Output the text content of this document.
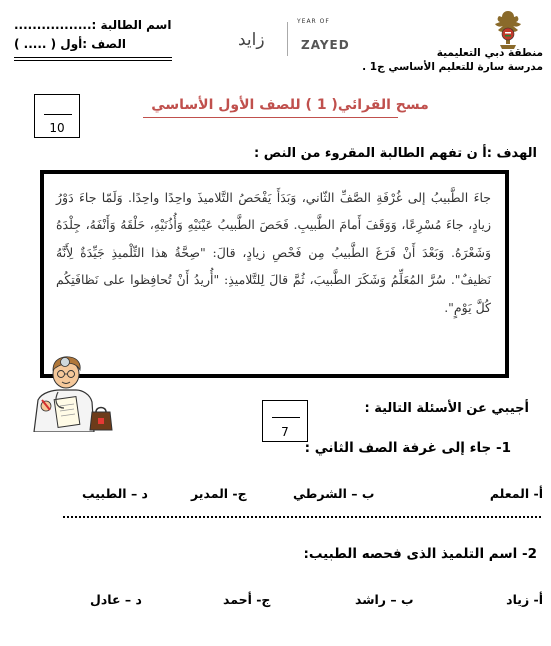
منطقة دبي التعليمية
مدرسة سارة للتعليم الأساسي ج1 .
زايد
YEAR OF
ZAYED
اسم الطالبة :.................
الصف :أول ( ..... )
10
مسح القرائي( 1 ) للصف الأول الأساسي
الهدف :أ ن تفهم الطالبة المقروء من النص :
جاءَ الطَّبيبُ إلى غُرْفَةِ الصَّفِّ الثّاني، وَبَدَأَ يَفْحَصُ التَّلاميذَ واحِدًا واحِدًا. وَلَمّا جاءَ دَوْرُ زيادٍ، جاءَ مُسْرِعًا، وَوَقَفَ أَمامَ الطَّبيبِ. فَحَصَ الطَّبيبُ عَيْنَيْهِ وَأُذُنَيْهِ، حَلْقَهُ وَأَنْفَهُ، جِلْدَهُ وَشَعْرَهُ. وَبَعْدَ أَنْ فَرَغَ الطَّبيبُ مِن فَحْصِ زيادٍ، قالَ: "صِحَّةُ هذا التِّلْميذِ جَيِّدَةٌ لِأَنَّهُ نَظيفٌ". سُرَّ المُعَلِّمُ وَشَكَرَ الطَّبيبَ، ثُمَّ قالَ لِلتَّلاميذِ: "أُريدُ أَنْ تُحافِظوا على نَظافَتِكُم كُلَّ يَوْمٍ".
7
أجيبي عن الأسئلة التالية :
1- جاء إلى غرفة الصف الثاني :
أ- المعلم
ب – الشرطي
ج- المدير
د – الطبيب
2- اسم التلميذ الذى فحصه الطبيب:
أ- زياد
ب – راشد
ج- أحمد
د – عادل
